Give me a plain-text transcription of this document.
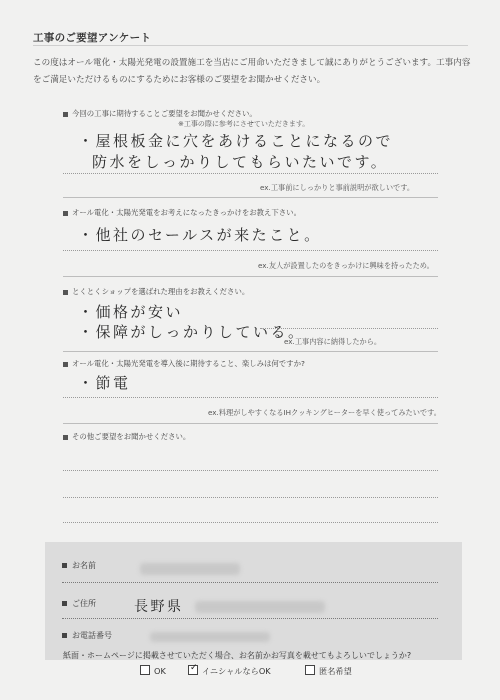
工事のご要望アンケート
この度はオール電化・太陽光発電の設置施工を当店にご用命いただきまして誠にありがとうございます。工事内容をご満足いただけるものにするためにお客様のご要望をお聞かせください。
今回の工事に期待することご要望をお聞かせください。
※工事の際に参考にさせていただきます。
・屋根板金に穴をあけることになるので
防水をしっかりしてもらいたいです。
ex.工事前にしっかりと事前説明が欲しいです。
オール電化・太陽光発電をお考えになったきっかけをお教え下さい。
・他社のセールスが来たこと。
ex.友人が設置したのをきっかけに興味を持ったため。
とくとくショップを選ばれた理由をお教えください。
・価格が安い
・保障がしっかりしている。
ex.工事内容に納得したから。
オール電化・太陽光発電を導入後に期待すること、楽しみは何ですか?
・節電
ex.料理がしやすくなるIHクッキングヒーターを早く使ってみたいです。
その他ご要望をお聞かせください。
お名前
ご住所	長野県
お電話番号
紙面・ホームページに掲載させていただく場合、お名前かお写真を載せてもよろしいでしょうか?
OK	✓ イニシャルならOK	匿名希望
